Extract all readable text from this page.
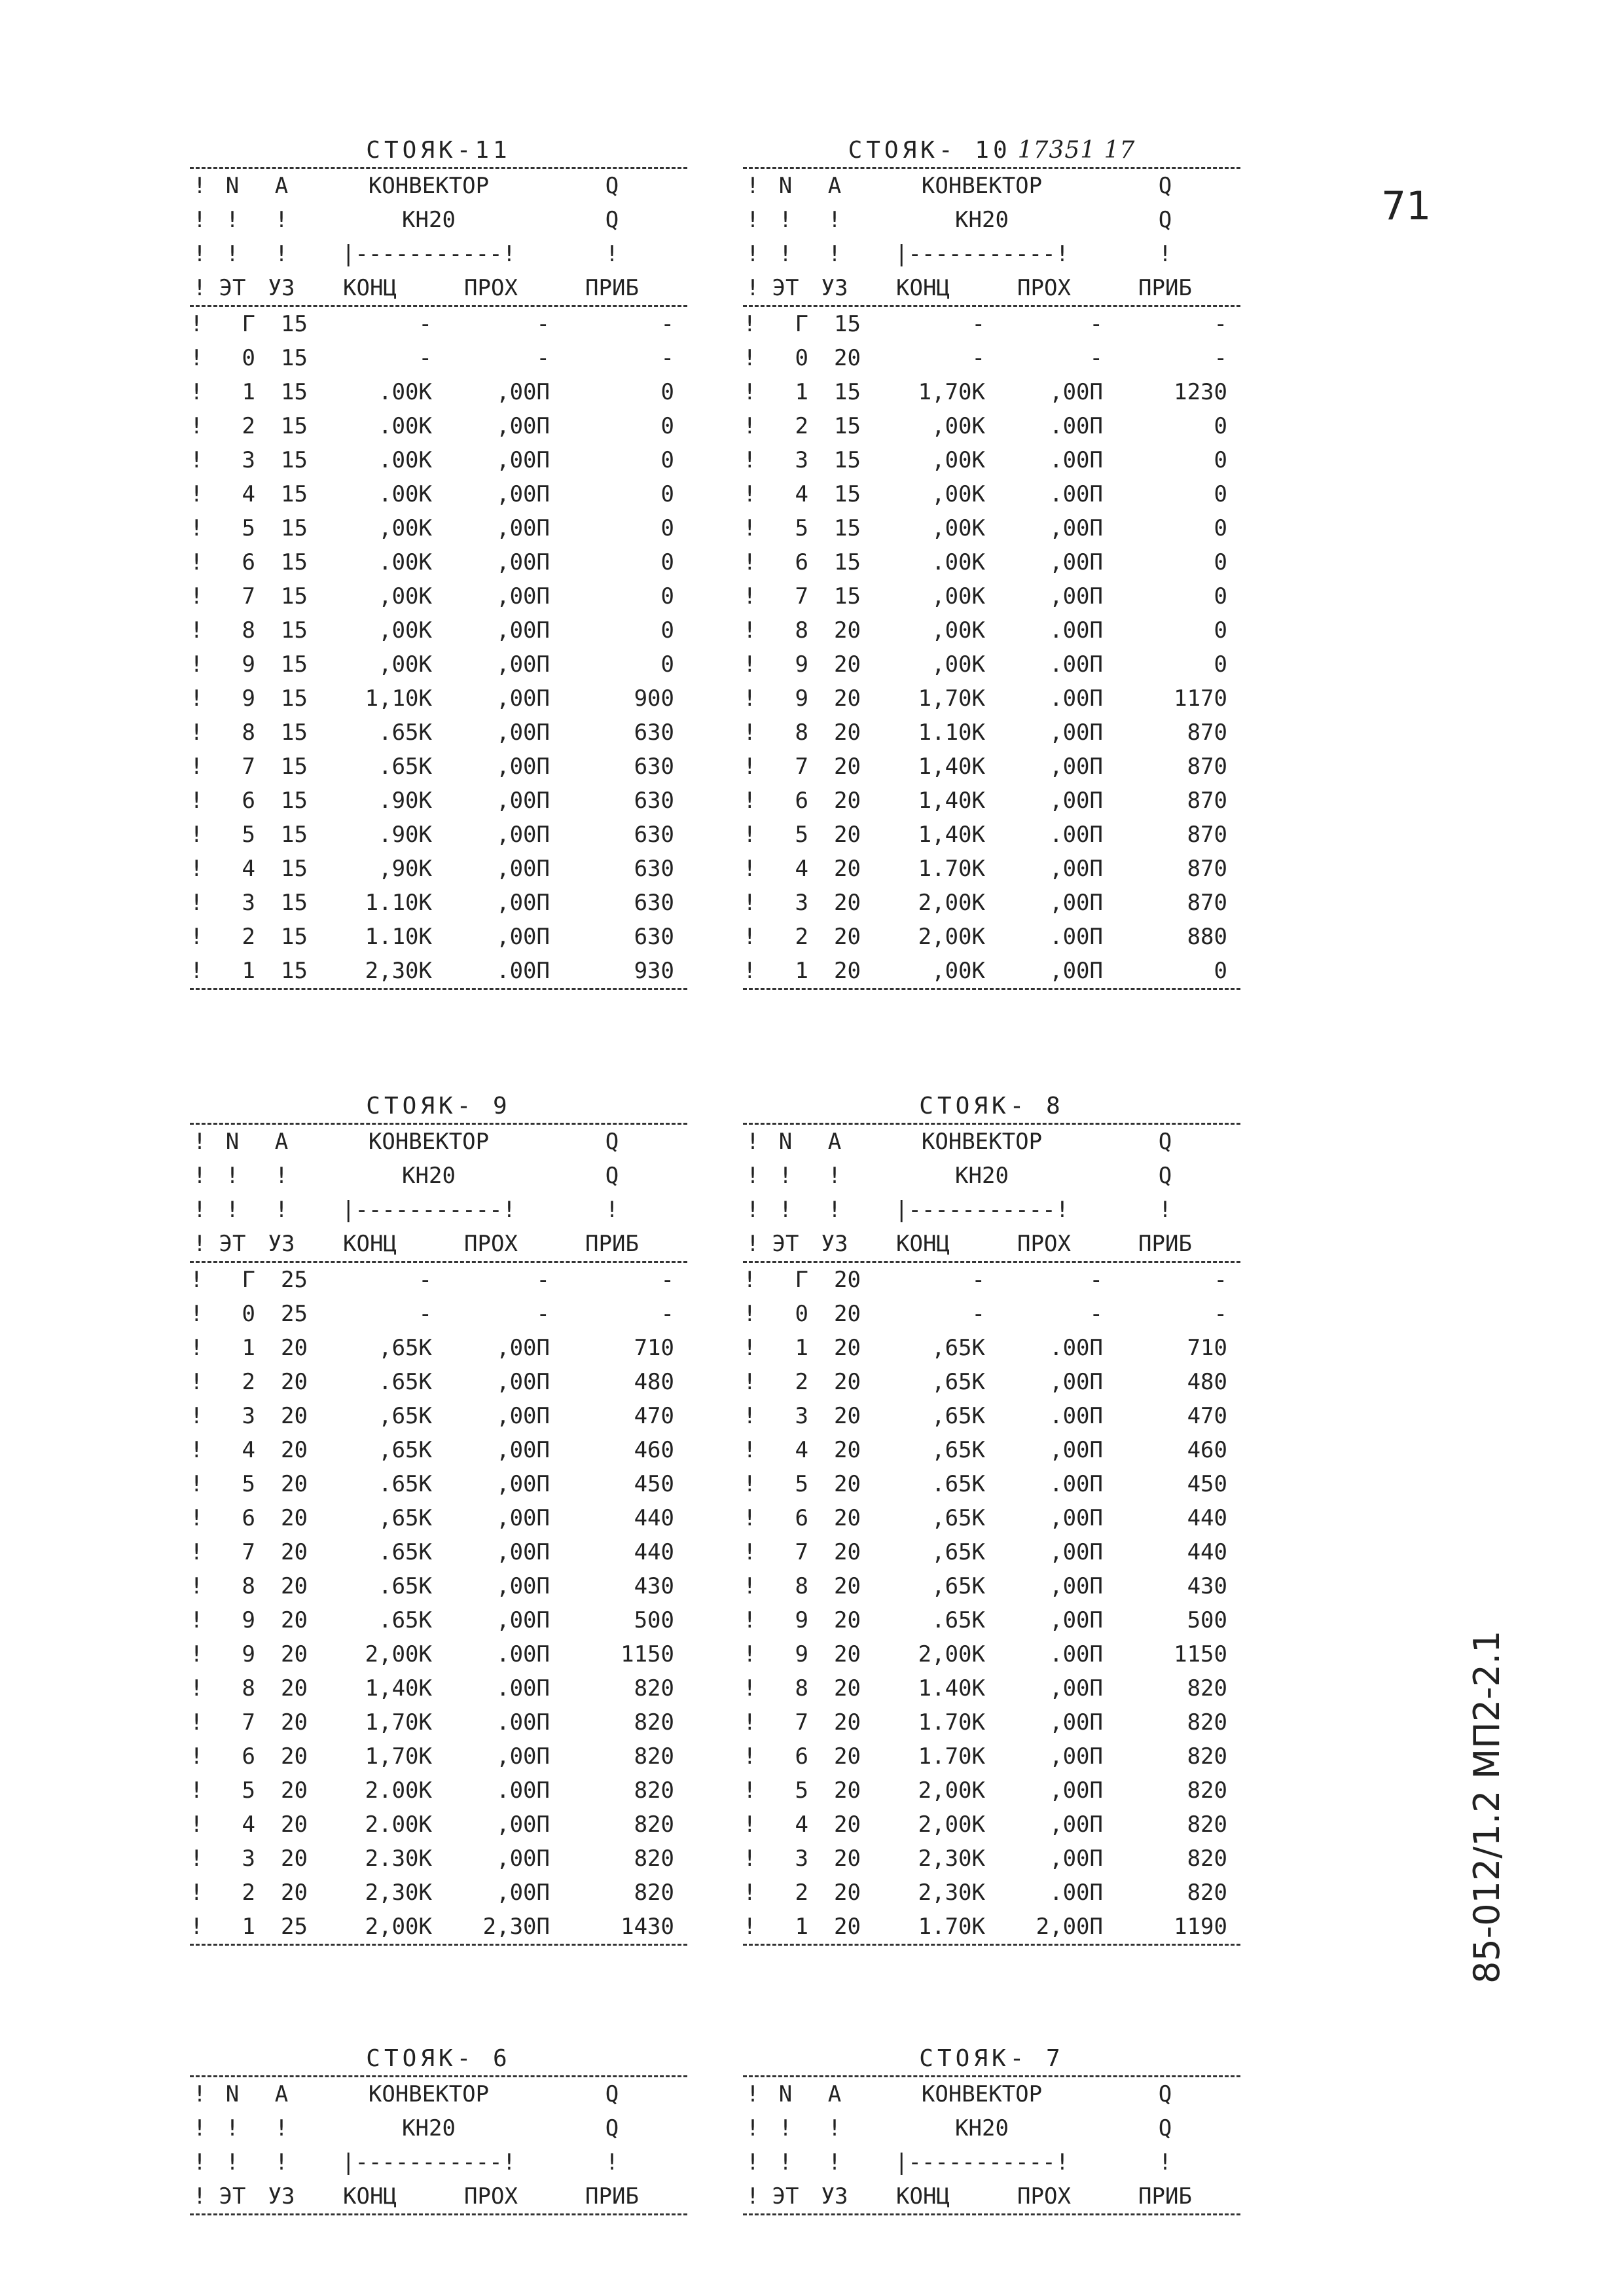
71
85-012/1.2 МП2-2.1
СТОЯК-11
! N	A	КОНВЕКТОР	Q
! !	!	КН20	Q
! !	!	|-----------!	!
! ЭТ	УЗ	КОНЦ	ПРОХ	ПРИБ
!	Г	15	-	-	-
!	0	15	-	-	-
!	1	15	.00К	,00П	0
!	2	15	.00К	,00П	0
!	3	15	.00К	,00П	0
!	4	15	.00К	,00П	0
!	5	15	,00К	,00П	0
!	6	15	.00К	,00П	0
!	7	15	,00К	,00П	0
!	8	15	,00К	,00П	0
!	9	15	,00К	,00П	0
!	9	15	1,10К	,00П	900
!	8	15	.65К	,00П	630
!	7	15	.65К	,00П	630
!	6	15	.90К	,00П	630
!	5	15	.90К	,00П	630
!	4	15	,90К	,00П	630
!	3	15	1.10К	,00П	630
!	2	15	1.10К	,00П	630
!	1	15	2,30К	.00П	930
СТОЯК- 10 17351 17
! N	A	КОНВЕКТОР	Q
! !	!	КН20	Q
! !	!	|-----------!	!
! ЭТ	УЗ	КОНЦ	ПРОХ	ПРИБ
!	Г	15	-	-	-
!	0	20	-	-	-
!	1	15	1,70К	,00П	1230
!	2	15	,00К	.00П	0
!	3	15	,00К	.00П	0
!	4	15	,00К	.00П	0
!	5	15	,00К	,00П	0
!	6	15	.00К	,00П	0
!	7	15	,00К	,00П	0
!	8	20	,00К	.00П	0
!	9	20	,00К	.00П	0
!	9	20	1,70К	.00П	1170
!	8	20	1.10К	,00П	870
!	7	20	1,40К	,00П	870
!	6	20	1,40К	,00П	870
!	5	20	1,40К	.00П	870
!	4	20	1.70К	,00П	870
!	3	20	2,00К	,00П	870
!	2	20	2,00К	.00П	880
!	1	20	,00К	,00П	0
СТОЯК- 9
! N	A	КОНВЕКТОР	Q
! !	!	КН20	Q
! !	!	|-----------!	!
! ЭТ	УЗ	КОНЦ	ПРОХ	ПРИБ
!	Г	25	-	-	-
!	0	25	-	-	-
!	1	20	,65К	,00П	710
!	2	20	.65К	,00П	480
!	3	20	,65К	,00П	470
!	4	20	,65К	,00П	460
!	5	20	.65К	,00П	450
!	6	20	,65К	,00П	440
!	7	20	.65К	,00П	440
!	8	20	.65К	,00П	430
!	9	20	.65К	,00П	500
!	9	20	2,00К	.00П	1150
!	8	20	1,40К	.00П	820
!	7	20	1,70К	.00П	820
!	6	20	1,70К	,00П	820
!	5	20	2.00К	.00П	820
!	4	20	2.00К	,00П	820
!	3	20	2.30К	,00П	820
!	2	20	2,30К	,00П	820
!	1	25	2,00К	2,30П	1430
СТОЯК- 8
! N	A	КОНВЕКТОР	Q
! !	!	КН20	Q
! !	!	|-----------!	!
! ЭТ	УЗ	КОНЦ	ПРОХ	ПРИБ
!	Г	20	-	-	-
!	0	20	-	-	-
!	1	20	,65К	.00П	710
!	2	20	,65К	,00П	480
!	3	20	,65К	.00П	470
!	4	20	,65К	,00П	460
!	5	20	.65К	.00П	450
!	6	20	,65К	,00П	440
!	7	20	,65К	,00П	440
!	8	20	,65К	,00П	430
!	9	20	.65К	,00П	500
!	9	20	2,00К	.00П	1150
!	8	20	1.40К	,00П	820
!	7	20	1.70К	,00П	820
!	6	20	1.70К	,00П	820
!	5	20	2,00К	,00П	820
!	4	20	2,00К	,00П	820
!	3	20	2,30К	,00П	820
!	2	20	2,30К	.00П	820
!	1	20	1.70К	2,00П	1190
СТОЯК- 6
! N	A	КОНВЕКТОР	Q
! !	!	КН20	Q
! !	!	|-----------!	!
! ЭТ	УЗ	КОНЦ	ПРОХ	ПРИБ
СТОЯК- 7
! N	A	КОНВЕКТОР	Q
! !	!	КН20	Q
! !	!	|-----------!	!
! ЭТ	УЗ	КОНЦ	ПРОХ	ПРИБ
